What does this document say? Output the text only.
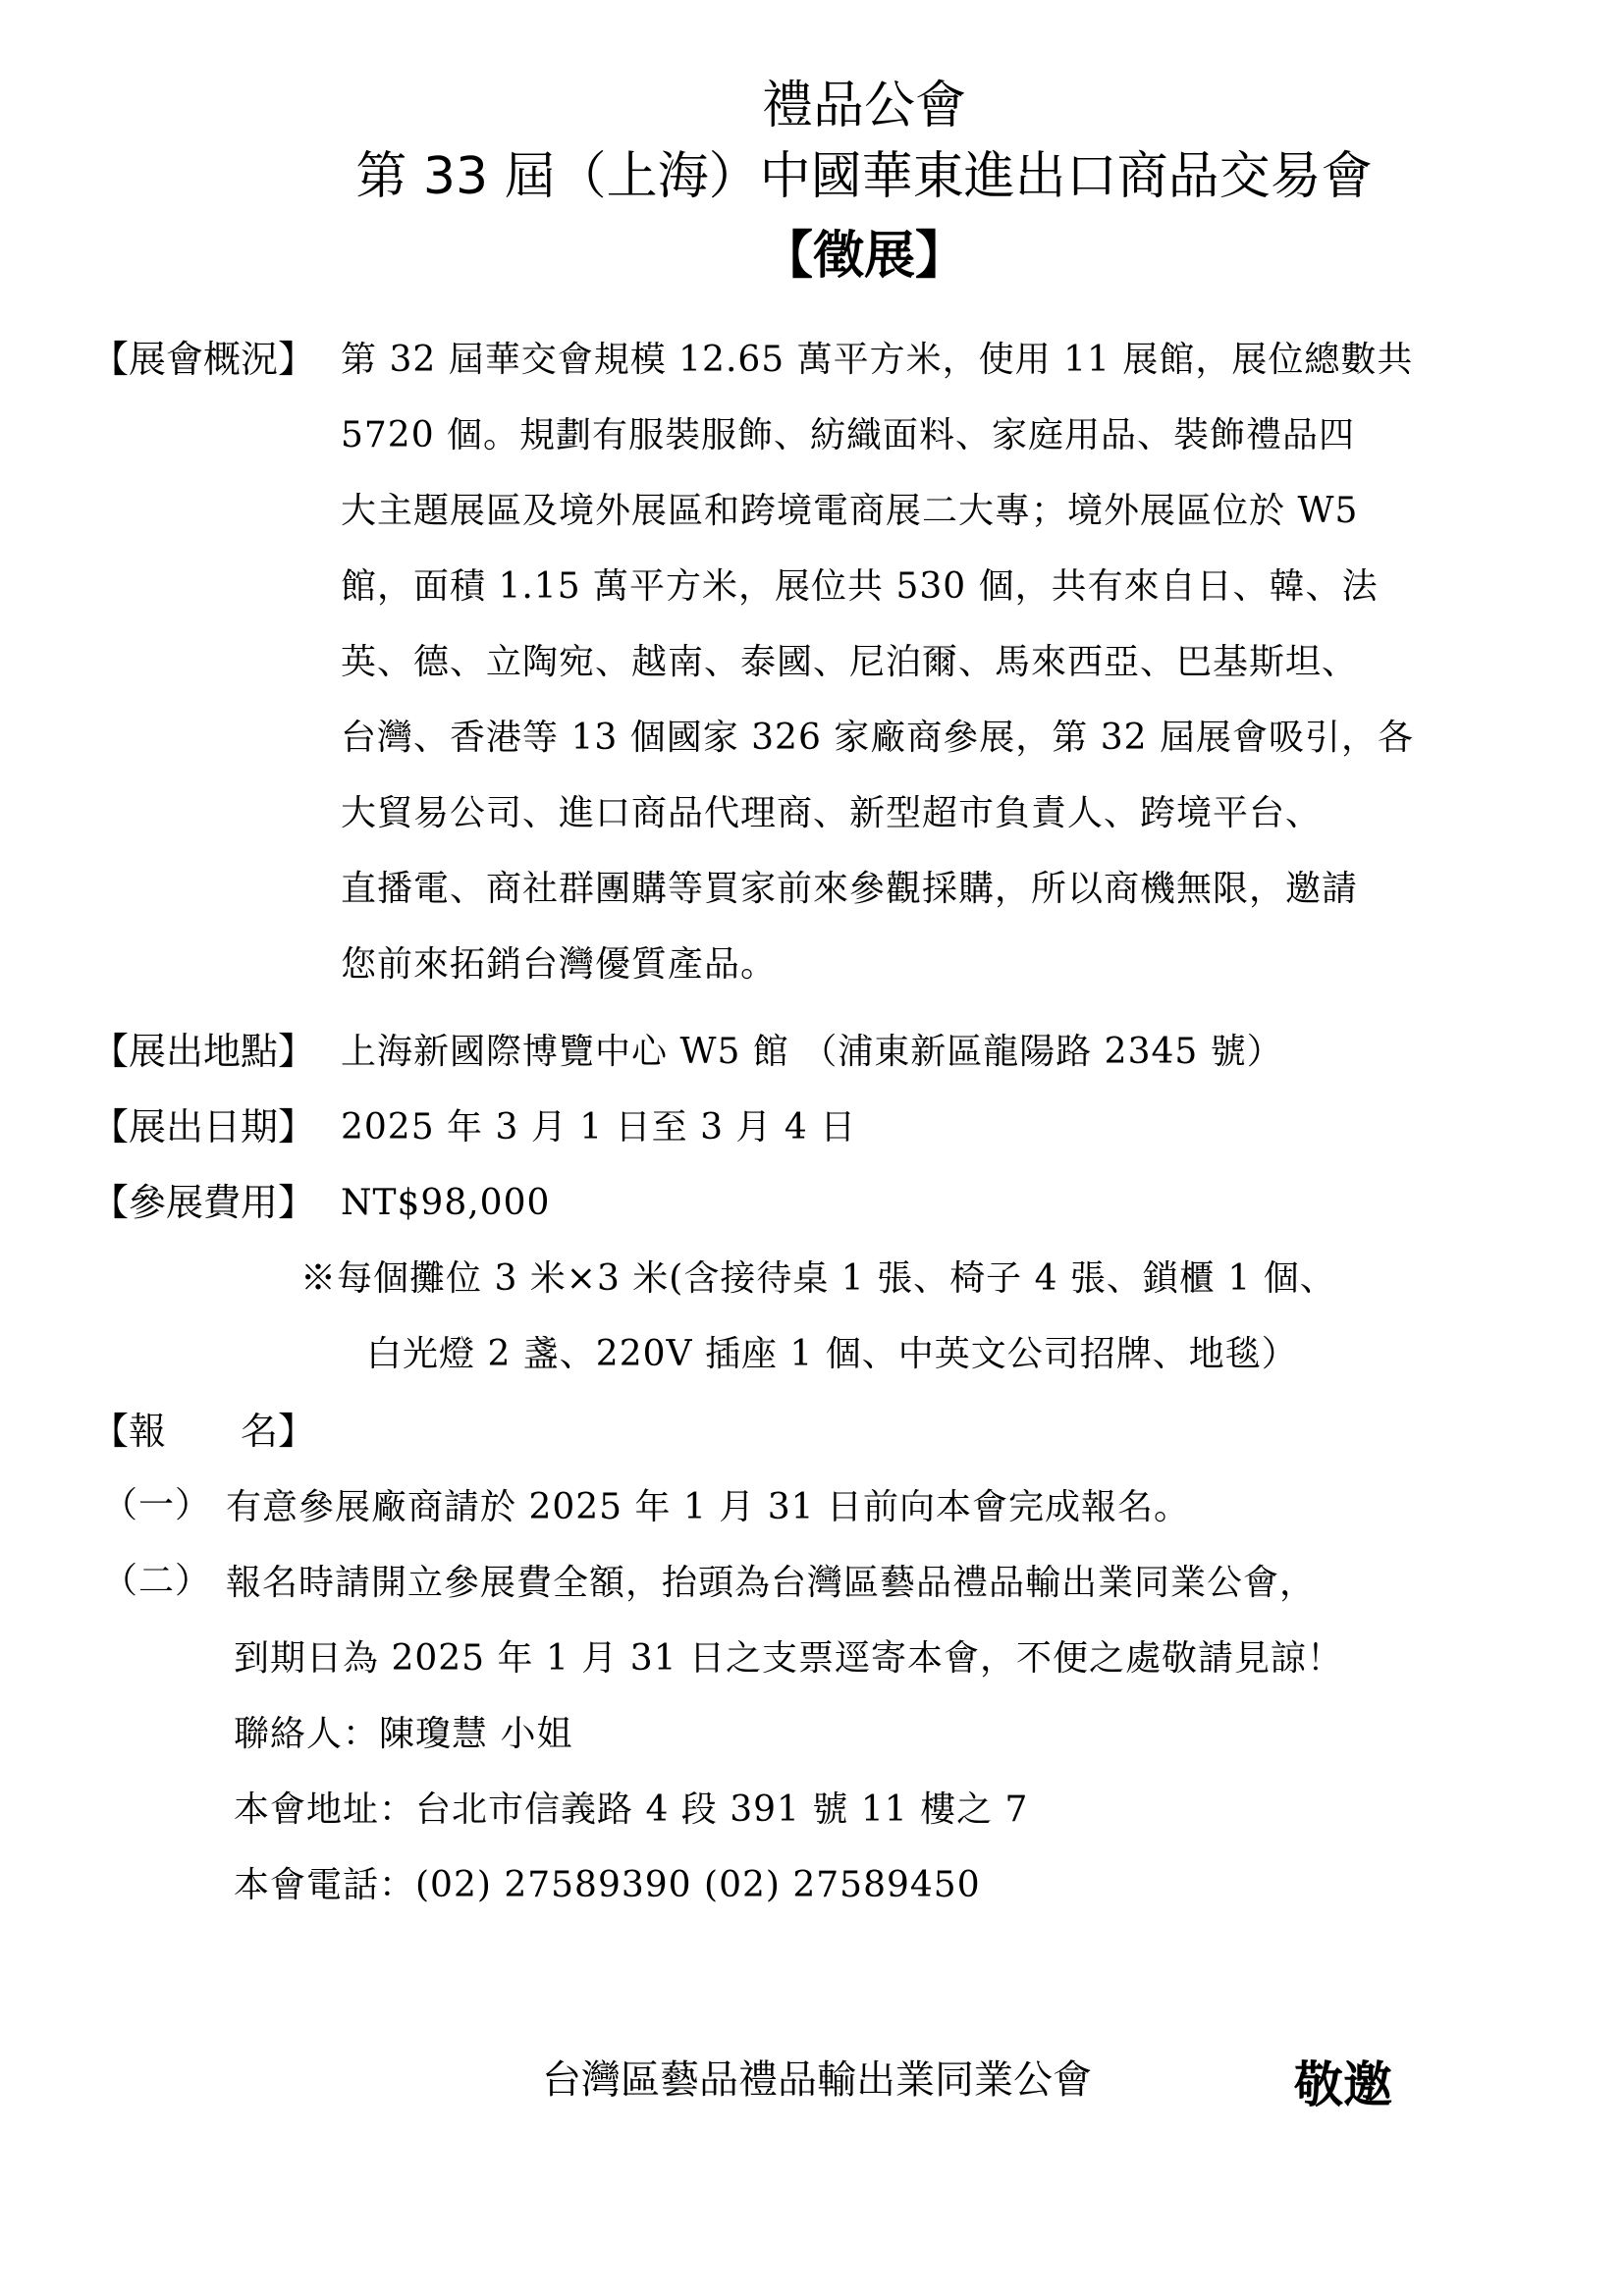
禮品公會
第 33 屆（上海）中國華東進出口商品交易會
【徵展】
【展會概況】 第 32 屆華交會規模 12.65 萬平方米，使用 11 展館，展位總數共
5720 個。規劃有服裝服飾、紡織面料、家庭用品、裝飾禮品四
大主題展區及境外展區和跨境電商展二大專；境外展區位於 W5
館，面積 1.15 萬平方米，展位共 530 個，共有來自日、韓、法
英、德、立陶宛、越南、泰國、尼泊爾、馬來西亞、巴基斯坦、
台灣、香港等 13 個國家 326 家廠商參展，第 32 屆展會吸引，各
大貿易公司、進口商品代理商、新型超市負責人、跨境平台、
直播電、商社群團購等買家前來參觀採購，所以商機無限，邀請
您前來拓銷台灣優質產品。
【展出地點】 上海新國際博覽中心 W5 館 （浦東新區龍陽路 2345 號）
【展出日期】 2025 年 3 月 1 日至 3 月 4 日
【參展費用】 NT$98,000
※每個攤位 3 米×3 米(含接待桌 1 張、椅子 4 張、鎖櫃 1 個、
白光燈 2 盞、220V 插座 1 個、中英文公司招牌、地毯）
【報　　名】
（一） 有意參展廠商請於 2025 年 1 月 31 日前向本會完成報名。
（二） 報名時請開立參展費全額，抬頭為台灣區藝品禮品輸出業同業公會，
到期日為 2025 年 1 月 31 日之支票逕寄本會，不便之處敬請見諒！
聯絡人：陳瓊慧 小姐
本會地址：台北市信義路 4 段 391 號 11 樓之 7
本會電話：(02) 27589390 (02) 27589450
台灣區藝品禮品輸出業同業公會	敬邀
